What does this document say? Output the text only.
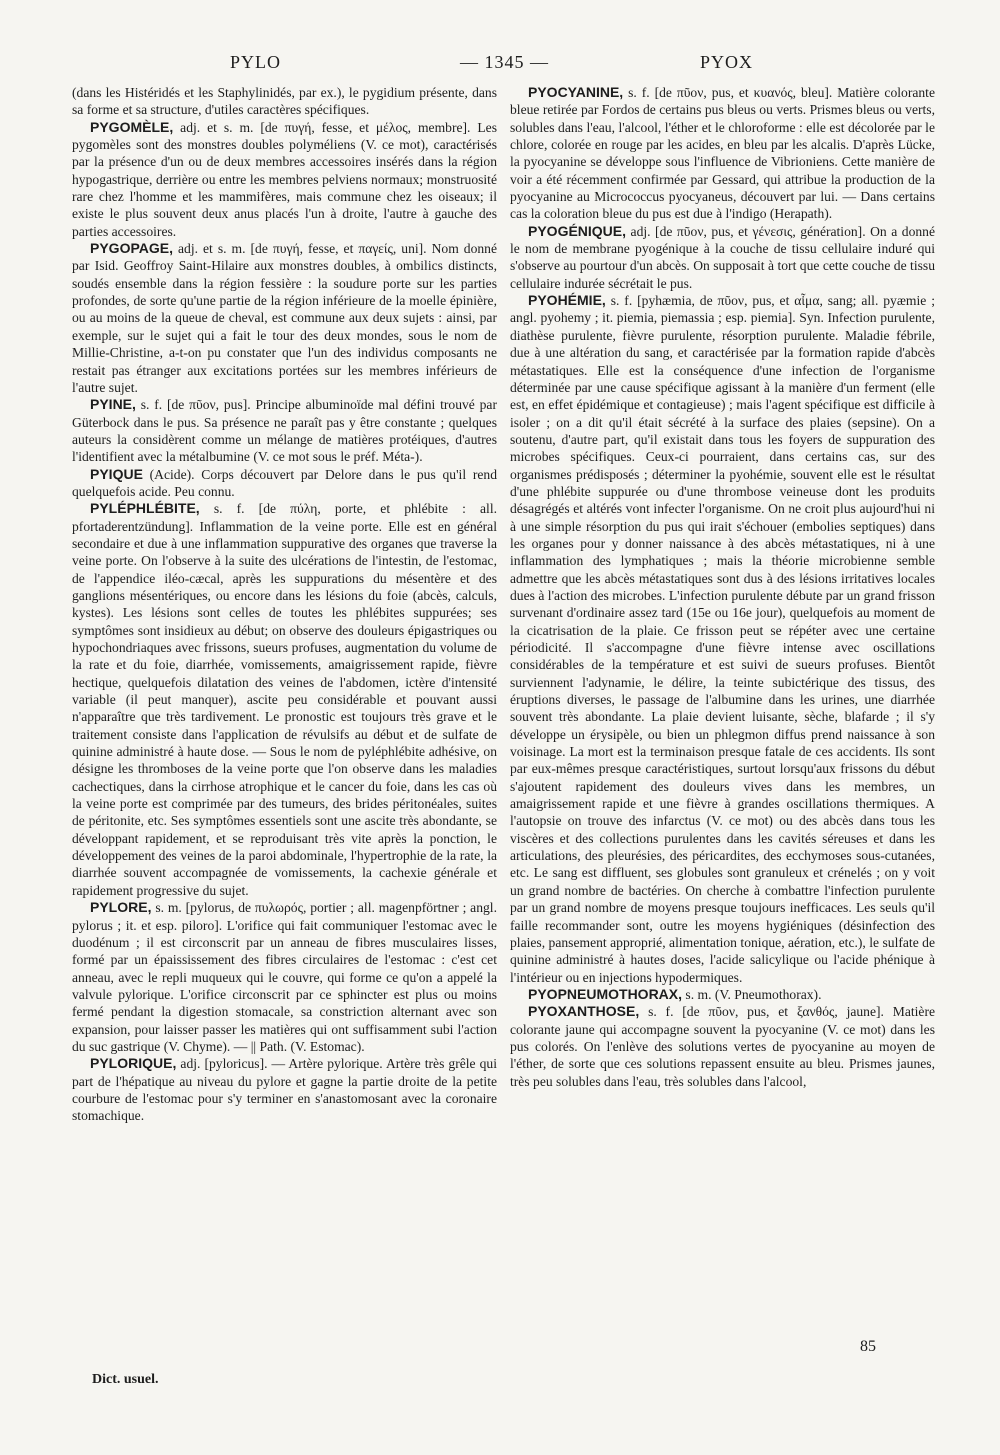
PYLO	— 1345 —	PYOX

(dans les Histéridés et les Staphylinidés, par ex.), le pygidium présente, dans sa forme et sa structure, d'utiles caractères spécifiques.

PYGOMÈLE, adj. et s. m. [de πυγή, fesse, et μέλος, membre]. Les pygomèles sont des monstres doubles polyméliens (V. ce mot), caractérisés par la présence d'un ou de deux membres accessoires insérés dans la région hypogastrique, derrière ou entre les membres pelviens normaux; monstruosité rare chez l'homme et les mammifères, mais commune chez les oiseaux; il existe le plus souvent deux anus placés l'un à droite, l'autre à gauche des parties accessoires.

PYGOPAGE, adj. et s. m. [de πυγή, fesse, et παγείς, uni]. Nom donné par Isid. Geoffroy Saint-Hilaire aux monstres doubles, à ombilics distincts, soudés ensemble dans la région fessière : la soudure porte sur les parties profondes, de sorte qu'une partie de la région inférieure de la moelle épinière, ou au moins de la queue de cheval, est commune aux deux sujets : ainsi, par exemple, sur le sujet qui a fait le tour des deux mondes, sous le nom de Millie-Christine, a-t-on pu constater que l'un des individus composants ne restait pas étranger aux excitations portées sur les membres inférieurs de l'autre sujet.

PYINE, s. f. [de πῦον, pus]. Principe albuminoïde mal défini trouvé par Güterbock dans le pus. Sa présence ne paraît pas y être constante ; quelques auteurs la considèrent comme un mélange de matières protéiques, d'autres l'identifient avec la métalbumine (V. ce mot sous le préf. Méta-).

PYIQUE (Acide). Corps découvert par Delore dans le pus qu'il rend quelquefois acide. Peu connu.

PYLÉPHLÉBITE, s. f. [de πύλη, porte, et phlébite : all. pfortaderentzündung]. Inflammation de la veine porte. Elle est en général secondaire et due à une inflammation suppurative des organes que traverse la veine porte. On l'observe à la suite des ulcérations de l'intestin, de l'estomac, de l'appendice iléo-cæcal, après les suppurations du mésentère et des ganglions mésentériques, ou encore dans les lésions du foie (abcès, calculs, kystes). Les lésions sont celles de toutes les phlébites suppurées; ses symptômes sont insidieux au début; on observe des douleurs épigastriques ou hypochondriaques avec frissons, sueurs profuses, augmentation du volume de la rate et du foie, diarrhée, vomissements, amaigrissement rapide, fièvre hectique, quelquefois dilatation des veines de l'abdomen, ictère d'intensité variable (il peut manquer), ascite peu considérable et pouvant aussi n'apparaître que très tardivement. Le pronostic est toujours très grave et le traitement consiste dans l'application de révulsifs au début et de sulfate de quinine administré à haute dose. — Sous le nom de pyléphlébite adhésive, on désigne les thromboses de la veine porte que l'on observe dans les maladies cachectiques, dans la cirrhose atrophique et le cancer du foie, dans les cas où la veine porte est comprimée par des tumeurs, des brides péritonéales, suites de péritonite, etc. Ses symptômes essentiels sont une ascite très abondante, se développant rapidement, et se reproduisant très vite après la ponction, le développement des veines de la paroi abdominale, l'hypertrophie de la rate, la diarrhée souvent accompagnée de vomissements, la cachexie générale et rapidement progressive du sujet.

PYLORE, s. m. [pylorus, de πυλωρός, portier ; all. magenpförtner ; angl. pylorus ; it. et esp. piloro]. L'orifice qui fait communiquer l'estomac avec le duodénum ; il est circonscrit par un anneau de fibres musculaires lisses, formé par un épaississement des fibres circulaires de l'estomac : c'est cet anneau, avec le repli muqueux qui le couvre, qui forme ce qu'on a appelé la valvule pylorique. L'orifice circonscrit par ce sphincter est plus ou moins fermé pendant la digestion stomacale, sa constriction alternant avec son expansion, pour laisser passer les matières qui ont suffisamment subi l'action du suc gastrique (V. Chyme). — || Path. (V. Estomac).

PYLORIQUE, adj. [pyloricus]. — Artère pylorique. Artère très grêle qui part de l'hépatique au niveau du pylore et gagne la partie droite de la petite courbure de l'estomac pour s'y terminer en s'anastomosant avec la coronaire stomachique.

PYOCYANINE, s. f. [de πῦον, pus, et κυανός, bleu]. Matière colorante bleue retirée par Fordos de certains pus bleus ou verts. Prismes bleus ou verts, solubles dans l'eau, l'alcool, l'éther et le chloroforme : elle est décolorée par le chlore, colorée en rouge par les acides, en bleu par les alcalis. D'après Lücke, la pyocyanine se développe sous l'influence de Vibrioniens. Cette manière de voir a été récemment confirmée par Gessard, qui attribue la production de la pyocyanine au Micrococcus pyocyaneus, découvert par lui. — Dans certains cas la coloration bleue du pus est due à l'indigo (Herapath).

PYOGÉNIQUE, adj. [de πῦον, pus, et γένεσις, génération]. On a donné le nom de membrane pyogénique à la couche de tissu cellulaire induré qui s'observe au pourtour d'un abcès. On supposait à tort que cette couche de tissu cellulaire indurée sécrétait le pus.

PYOHÉMIE, s. f. [pyhæmia, de πῦον, pus, et αἷμα, sang; all. pyæmie ; angl. pyohemy ; it. piemia, piemassia ; esp. piemia]. Syn. Infection purulente, diathèse purulente, fièvre purulente, résorption purulente. Maladie fébrile, due à une altération du sang, et caractérisée par la formation rapide d'abcès métastatiques. Elle est la conséquence d'une infection de l'organisme déterminée par une cause spécifique agissant à la manière d'un ferment (elle est, en effet épidémique et contagieuse) ; mais l'agent spécifique est difficile à isoler ; on a dit qu'il était sécrété à la surface des plaies (sepsine). On a soutenu, d'autre part, qu'il existait dans tous les foyers de suppuration des microbes spécifiques. Ceux-ci pourraient, dans certains cas, sur des organismes prédisposés ; déterminer la pyohémie, souvent elle est le résultat d'une phlébite suppurée ou d'une thrombose veineuse dont les produits désagrégés et altérés vont infecter l'organisme. On ne croit plus aujourd'hui ni à une simple résorption du pus qui irait s'échouer (embolies septiques) dans les organes pour y donner naissance à des abcès métastatiques, ni à une inflammation des lymphatiques ; mais la théorie microbienne semble admettre que les abcès métastatiques sont dus à des lésions irritatives locales dues à l'action des microbes. L'infection purulente débute par un grand frisson survenant d'ordinaire assez tard (15e ou 16e jour), quelquefois au moment de la cicatrisation de la plaie. Ce frisson peut se répéter avec une certaine périodicité. Il s'accompagne d'une fièvre intense avec oscillations considérables de la température et est suivi de sueurs profuses. Bientôt surviennent l'adynamie, le délire, la teinte subictérique des tissus, des éruptions diverses, le passage de l'albumine dans les urines, une diarrhée souvent très abondante. La plaie devient luisante, sèche, blafarde ; il s'y développe un érysipèle, ou bien un phlegmon diffus prend naissance à son voisinage. La mort est la terminaison presque fatale de ces accidents. Ils sont par eux-mêmes presque caractéristiques, surtout lorsqu'aux frissons du début s'ajoutent rapidement des douleurs vives dans les membres, un amaigrissement rapide et une fièvre à grandes oscillations thermiques. A l'autopsie on trouve des infarctus (V. ce mot) ou des abcès dans tous les viscères et des collections purulentes dans les cavités séreuses et dans les articulations, des pleurésies, des péricardites, des ecchymoses sous-cutanées, etc. Le sang est diffluent, ses globules sont granuleux et crénelés ; on y voit un grand nombre de bactéries. On cherche à combattre l'infection purulente par un grand nombre de moyens presque toujours inefficaces. Les seuls qu'il faille recommander sont, outre les moyens hygiéniques (désinfection des plaies, pansement approprié, alimentation tonique, aération, etc.), le sulfate de quinine administré à hautes doses, l'acide salicylique ou l'acide phénique à l'intérieur ou en injections hypodermiques.

PYOPNEUMOTHORAX, s. m. (V. Pneumothorax).

PYOXANTHOSE, s. f. [de πῦον, pus, et ξανθός, jaune]. Matière colorante jaune qui accompagne souvent la pyocyanine (V. ce mot) dans les pus colorés. On l'enlève des solutions vertes de pyocyanine au moyen de l'éther, de sorte que ces solutions repassent ensuite au bleu. Prismes jaunes, très peu solubles dans l'eau, très solubles dans l'alcool,

Dict. usuel.
85
